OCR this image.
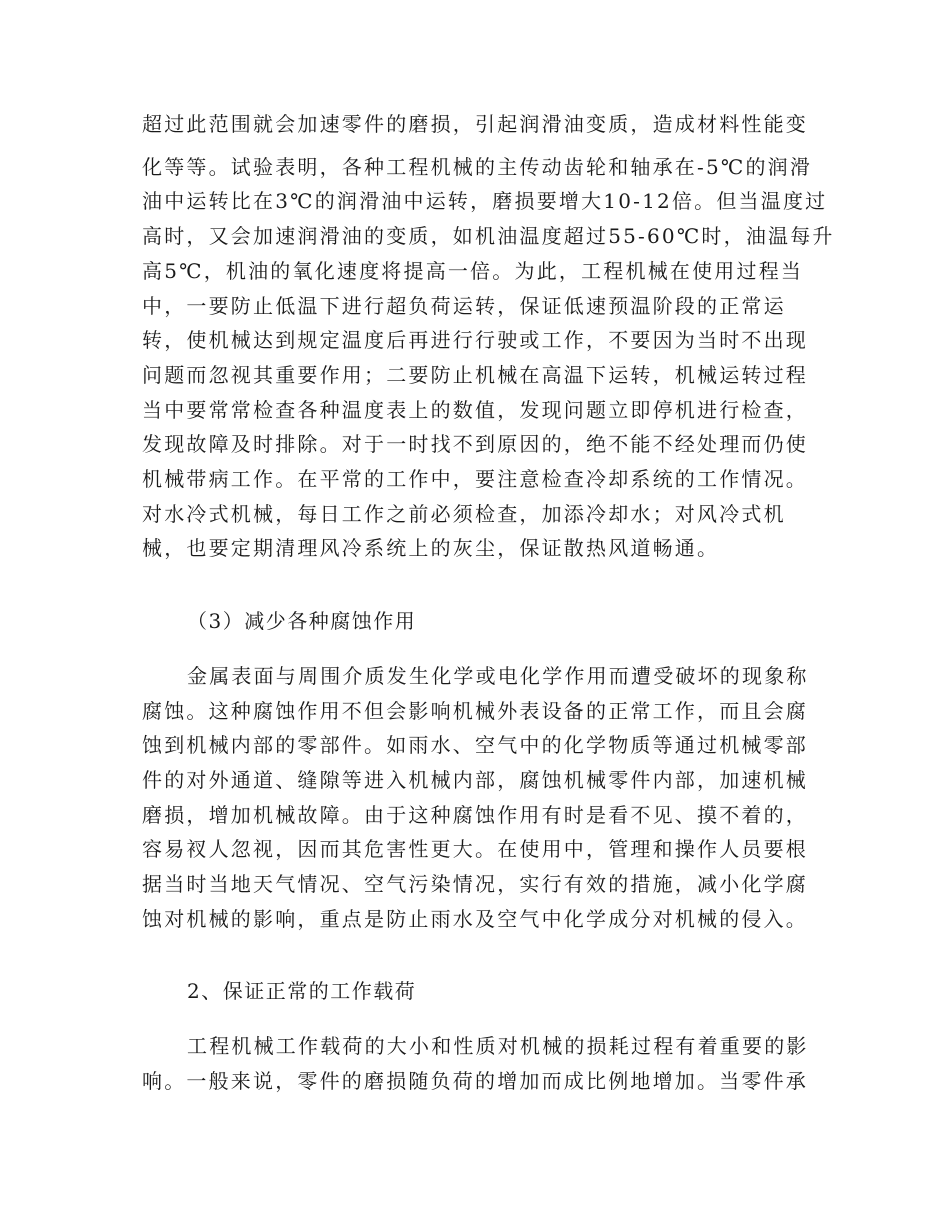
超过此范围就会加速零件的磨损，引起润滑油变质，造成材料性能变
化等等。试验表明，各种工程机械的主传动齿轮和轴承在-5℃的润滑
油中运转比在3℃的润滑油中运转，磨损要增大10-12倍。但当温度过
高时，又会加速润滑油的变质，如机油温度超过55-60℃时，油温每升
高5℃，机油的氧化速度将提高一倍。为此，工程机械在使用过程当
中，一要防止低温下进行超负荷运转，保证低速预温阶段的正常运
转，使机械达到规定温度后再进行行驶或工作，不要因为当时不出现
问题而忽视其重要作用；二要防止机械在高温下运转，机械运转过程
当中要常常检查各种温度表上的数值，发现问题立即停机进行检查，
发现故障及时排除。对于一时找不到原因的，绝不能不经处理而仍使
机械带病工作。在平常的工作中，要注意检查冷却系统的工作情况。
对水冷式机械，每日工作之前必须检查，加添冷却水；对风冷式机
械，也要定期清理风冷系统上的灰尘，保证散热风道畅通。
（3）减少各种腐蚀作用
金属表面与周围介质发生化学或电化学作用而遭受破坏的现象称
腐蚀。这种腐蚀作用不但会影响机械外表设备的正常工作，而且会腐
蚀到机械内部的零部件。如雨水、空气中的化学物质等通过机械零部
件的对外通道、缝隙等进入机械内部，腐蚀机械零件内部，加速机械
磨损，增加机械故障。由于这种腐蚀作用有时是看不见、摸不着的，
容易衩人忽视，因而其危害性更大。在使用中，管理和操作人员要根
据当时当地天气情况、空气污染情况，实行有效的措施，减小化学腐
蚀对机械的影响，重点是防止雨水及空气中化学成分对机械的侵入。
2、保证正常的工作载荷
工程机械工作载荷的大小和性质对机械的损耗过程有着重要的影
响。一般来说，零件的磨损随负荷的增加而成比例地增加。当零件承
